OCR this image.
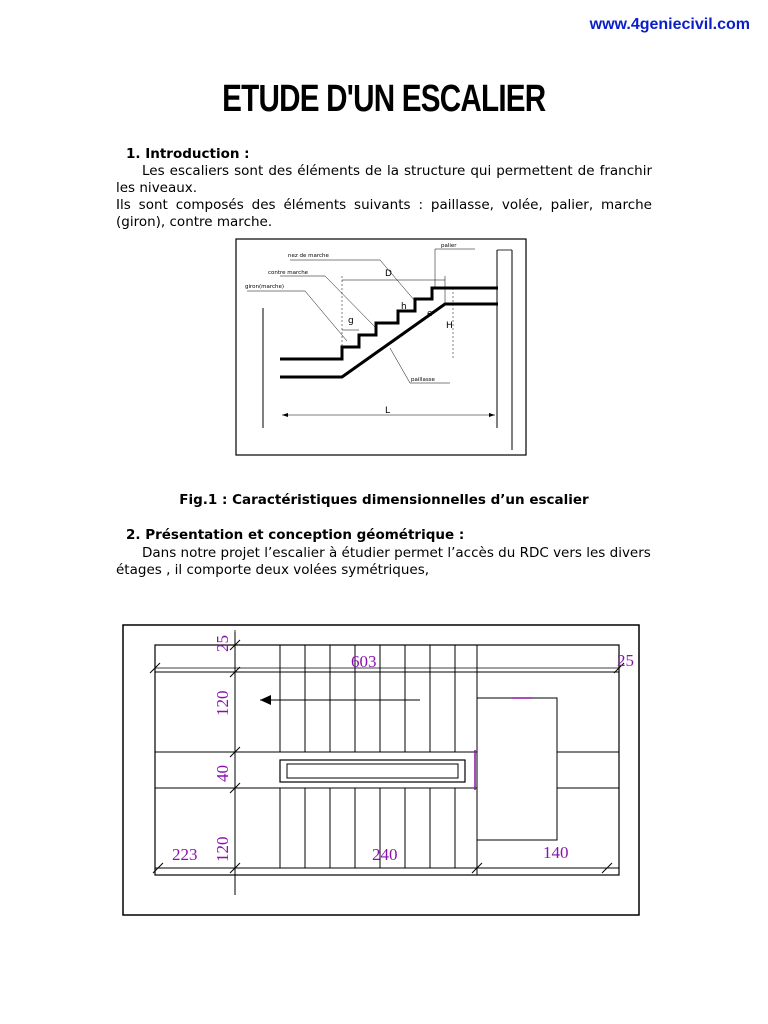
www.4geniecivil.com
ETUDE D'UN ESCALIER
1. Introduction :

Les escaliers sont des éléments de la structure qui permettent de franchir les niveaux.

Ils sont composés des éléments suivants : paillasse, volée, palier, marche (giron), contre marche.

D
H
g
h
e
L
nez de marche
contre marche
giron(marche)
palier
paillasse
Fig.1 : Caractéristiques dimensionnelles d’un escalier
2. Présentation et conception géométrique :

Dans notre projet l’escalier à étudier permet l’accès du RDC vers les divers étages , il comporte deux volées symétriques,

603	25
223	240	140
25
120
40
120
